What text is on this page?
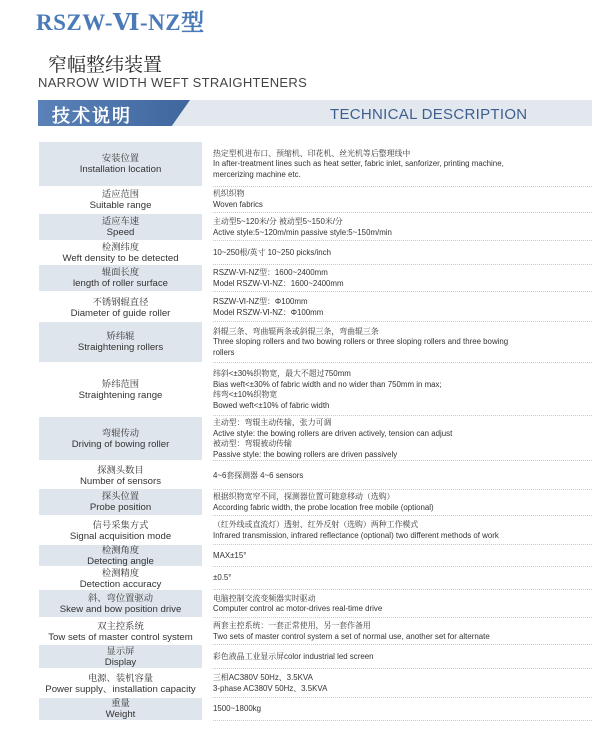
RSZW-Ⅵ-NZ型
窄幅整纬装置
NARROW WIDTH WEFT STRAIGHTENERS
技术说明	TECHNICAL DESCRIPTION
安装位置
Installation location
热定型机进布口、预缩机、印花机、丝光机等后整理线中
In after-treatment lines such as heat setter, fabric inlet, sanforizer, printing machine,
mercerizing machine etc.
适应范围
Suitable range
机织织物
Woven fabrics
适应车速
Speed
主动型5~120米/分 被动型5~150米/分
Active style:5~120m/min passive style:5~150m/min
检测纬度
Weft density to be detected
10~250根/英寸 10~250 picks/inch
辊面长度
length of roller surface
RSZW-Ⅵ-NZ型：1600~2400mm
Model RSZW-Ⅵ-NZ：1600~2400mm
不锈钢辊直径
Diameter of guide roller
RSZW-Ⅵ-NZ型：Φ100mm
Model RSZW-Ⅵ-NZ：Φ100mm
矫纬辊
Straightening rollers
斜辊三条、弯曲辊两条或斜辊三条，弯曲辊三条
Three sloping rollers and two bowing rollers or three sloping rollers and three bowing
rollers
矫纬范围
Straightening range
纬斜<±30%织物宽，最大不超过750mm
Bias weft<±30% of fabric width and no wider than 750mm in max;
纬弯<±10%织物宽
Bowed weft<±10% of fabric width
弯辊传动
Driving of bowing roller
主动型：弯辊主动传输，张力可调
Active style: the bowing rollers are driven actively, tension can adjust
被动型：弯辊被动传输
Passive style: the bowing rollers are driven passively
探测头数目
Number of sensors
4~6套探测器 4~6 sensors
探头位置
Probe position
根据织物宽窄不同，探测器位置可随意移动（选购）
According fabric width, the probe location free mobile (optional)
信号采集方式
Signal acquisition mode
（红外线或直流灯）透射、红外反射（选购）两种工作模式
Infrared transmission, infrared reflectance (optional) two different methods of work
检测角度
Detecting angle
MAX±15°
检测精度
Detection accuracy
±0.5°
斜、弯位置驱动
Skew and bow position drive
电脑控制交流变频器实时驱动
Computer control ac motor-drives real-time drive
双主控系统
Tow sets of master control system
两套主控系统：一套正常使用，另一套作备用
Two sets of master control system a set of normal use, another set for alternate
显示屏
Display
彩色液晶工业显示屏color industrial led screen
电源、装机容量
Power supply、installation capacity
三相AC380V 50Hz、3.5KVA
3-phase AC380V 50Hz、3.5KVA
重量
Weight
1500~1800kg
